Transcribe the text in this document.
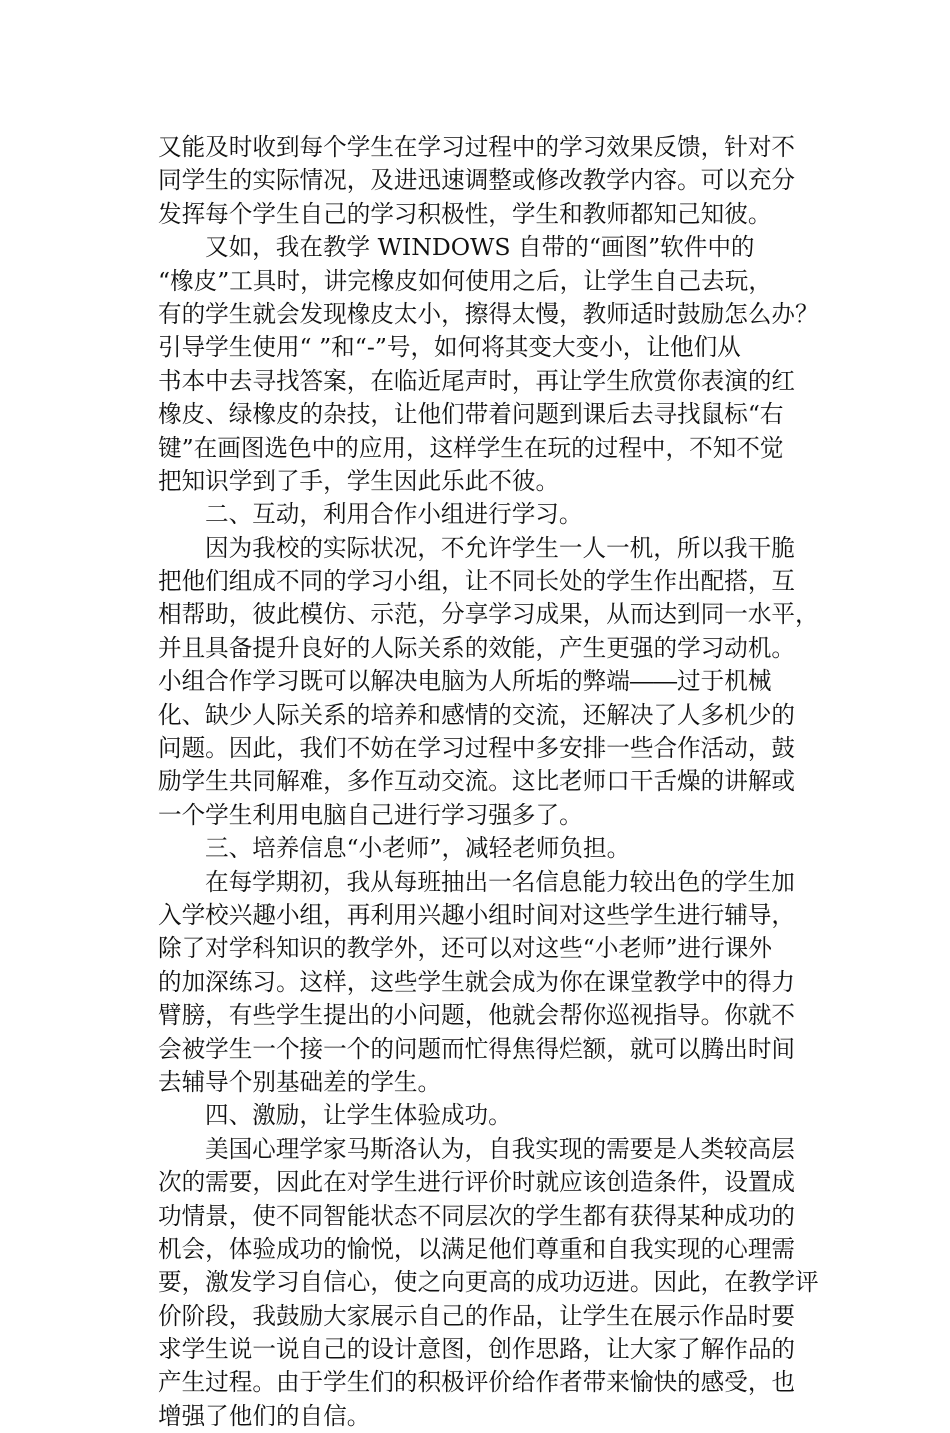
又能及时收到每个学生在学习过程中的学习效果反馈，针对不
同学生的实际情况，及进迅速调整或修改教学内容。可以充分
发挥每个学生自己的学习积极性，学生和教师都知己知彼。
又如，我在教学 WINDOWS 自带的“画图”软件中的
“橡皮”工具时，讲完橡皮如何使用之后，让学生自己去玩，
有的学生就会发现橡皮太小，擦得太慢，教师适时鼓励怎么办？
引导学生使用“ ”和“-”号，如何将其变大变小，让他们从
书本中去寻找答案，在临近尾声时，再让学生欣赏你表演的红
橡皮、绿橡皮的杂技，让他们带着问题到课后去寻找鼠标“右
键”在画图选色中的应用，这样学生在玩的过程中，不知不觉
把知识学到了手，学生因此乐此不彼。
二、互动，利用合作小组进行学习。
因为我校的实际状况，不允许学生一人一机，所以我干脆
把他们组成不同的学习小组，让不同长处的学生作出配搭，互
相帮助，彼此模仿、示范，分享学习成果，从而达到同一水平，
并且具备提升良好的人际关系的效能，产生更强的学习动机。
小组合作学习既可以解决电脑为人所垢的弊端――过于机械
化、缺少人际关系的培养和感情的交流，还解决了人多机少的
问题。因此，我们不妨在学习过程中多安排一些合作活动，鼓
励学生共同解难，多作互动交流。这比老师口干舌燥的讲解或
一个学生利用电脑自己进行学习强多了。
三、培养信息“小老师”，减轻老师负担。
在每学期初，我从每班抽出一名信息能力较出色的学生加
入学校兴趣小组，再利用兴趣小组时间对这些学生进行辅导，
除了对学科知识的教学外，还可以对这些“小老师”进行课外
的加深练习。这样，这些学生就会成为你在课堂教学中的得力
臂膀，有些学生提出的小问题，他就会帮你巡视指导。你就不
会被学生一个接一个的问题而忙得焦得烂额，就可以腾出时间
去辅导个别基础差的学生。
四、激励，让学生体验成功。
美国心理学家马斯洛认为，自我实现的需要是人类较高层
次的需要，因此在对学生进行评价时就应该创造条件，设置成
功情景，使不同智能状态不同层次的学生都有获得某种成功的
机会，体验成功的愉悦，以满足他们尊重和自我实现的心理需
要，激发学习自信心，使之向更高的成功迈进。因此，在教学评
价阶段，我鼓励大家展示自己的作品，让学生在展示作品时要
求学生说一说自己的设计意图，创作思路，让大家了解作品的
产生过程。由于学生们的积极评价给作者带来愉快的感受，也
增强了他们的自信。
